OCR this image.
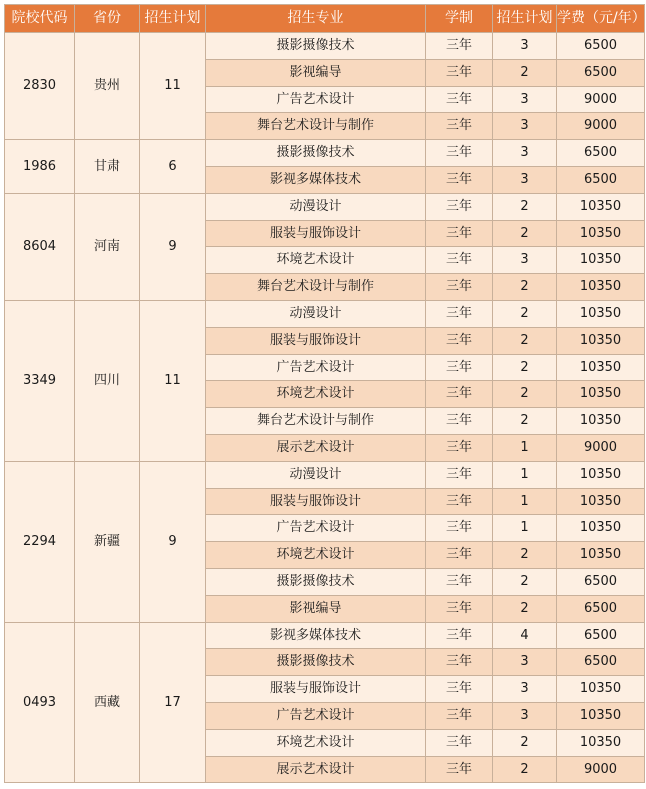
院校代码	省份	招生计划	招生专业	学制	招生计划	学费（元/年）
2830	贵州	11	摄影摄像技术	三年	3	6500
			影视编导	三年	2	6500
			广告艺术设计	三年	3	9000
			舞台艺术设计与制作	三年	3	9000
1986	甘肃	6	摄影摄像技术	三年	3	6500
			影视多媒体技术	三年	3	6500
8604	河南	9	动漫设计	三年	2	10350
			服装与服饰设计	三年	2	10350
			环境艺术设计	三年	3	10350
			舞台艺术设计与制作	三年	2	10350
3349	四川	11	动漫设计	三年	2	10350
			服装与服饰设计	三年	2	10350
			广告艺术设计	三年	2	10350
			环境艺术设计	三年	2	10350
			舞台艺术设计与制作	三年	2	10350
			展示艺术设计	三年	1	9000
2294	新疆	9	动漫设计	三年	1	10350
			服装与服饰设计	三年	1	10350
			广告艺术设计	三年	1	10350
			环境艺术设计	三年	2	10350
			摄影摄像技术	三年	2	6500
			影视编导	三年	2	6500
0493	西藏	17	影视多媒体技术	三年	4	6500
			摄影摄像技术	三年	3	6500
			服装与服饰设计	三年	3	10350
			广告艺术设计	三年	3	10350
			环境艺术设计	三年	2	10350
			展示艺术设计	三年	2	9000
